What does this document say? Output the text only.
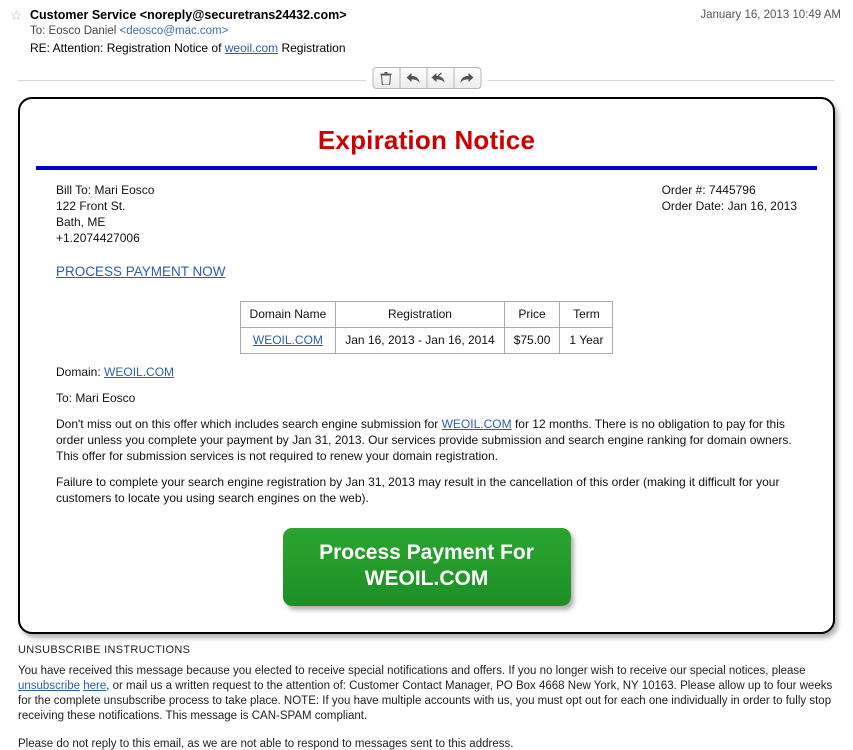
☆ Customer Service <noreply@securetrans24432.com>	January 16, 2013 10:49 AM
To: Eosco Daniel <deosco@mac.com>
RE: Attention: Registration Notice of weoil.com Registration
Expiration Notice
Bill To: Mari Eosco
122 Front St.
Bath, ME
+1.2074427006
Order #: 7445796
Order Date: Jan 16, 2013
PROCESS PAYMENT NOW
Domain Name	Registration	Price	Term
WEOIL.COM	Jan 16, 2013 - Jan 16, 2014	$75.00	1 Year

Domain: WEOIL.COM

To: Mari Eosco

Don't miss out on this offer which includes search engine submission for WEOIL.COM for 12 months. There is no obligation to pay for this order unless you complete your payment by Jan 31, 2013. Our services provide submission and search engine ranking for domain owners. This offer for submission services is not required to renew your domain registration.

Failure to complete your search engine registration by Jan 31, 2013 may result in the cancellation of this order (making it difficult for your customers to locate you using search engines on the web).

Process Payment For
WEOIL.COM
UNSUBSCRIBE INSTRUCTIONS
You have received this message because you elected to receive special notifications and offers. If you no longer wish to receive our special notices, please unsubscribe here, or mail us a written request to the attention of: Customer Contact Manager, PO Box 4668 New York, NY 10163. Please allow up to four weeks for the complete unsubscribe process to take place. NOTE: If you have multiple accounts with us, you must opt out for each one individually in order to fully stop receiving these notifications. This message is CAN-SPAM compliant.
Please do not reply to this email, as we are not able to respond to messages sent to this address.
